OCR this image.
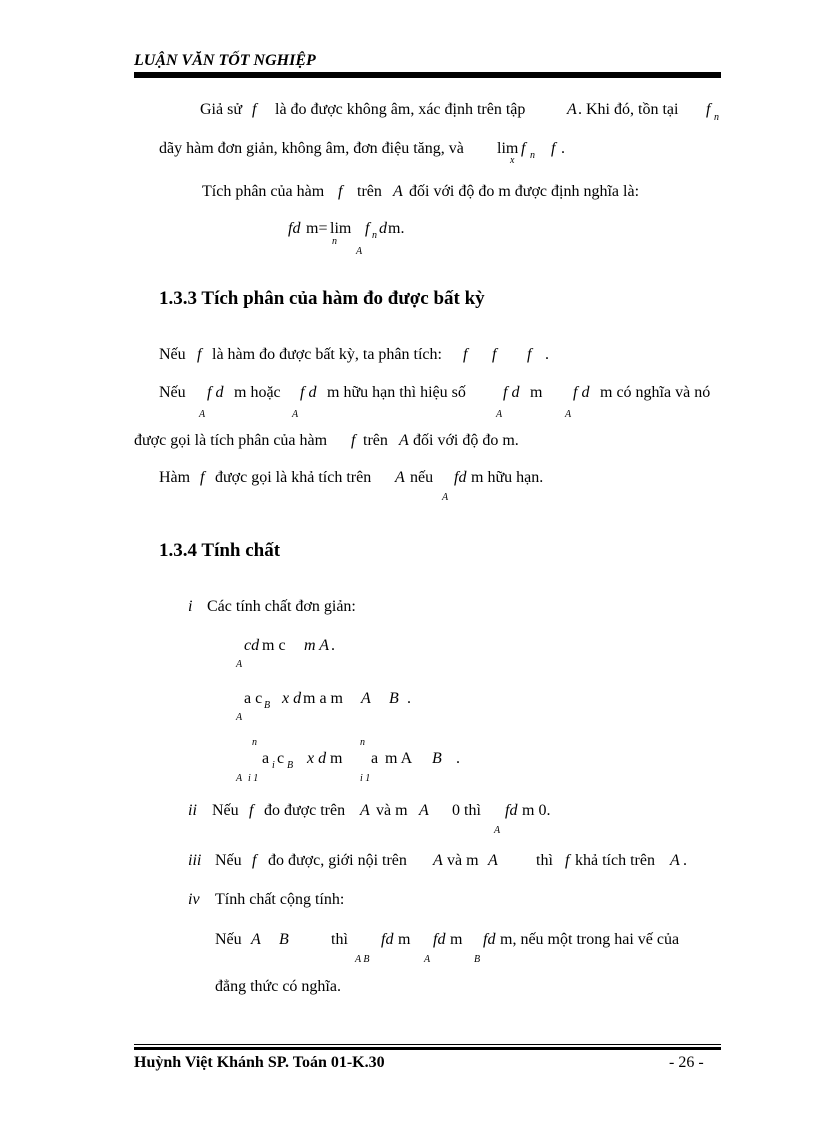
LUẬN VĂN TỐT NGHIỆP
Giả sử f là đo được không âm, xác định trên tập	A . Khi đó, tồn tại f n
dãy hàm đơn giản, không âm, đơn điệu tăng, và lim f n f .
x
Tích phân của hàm f trên A đối với độ đo m được định nghĩa là:
fd m= lim f n d m.
n
A
1.3.3 Tích phân của hàm đo được bất kỳ
Nếu f là hàm đo được bất kỳ, ta phân tích: f f f .
Nếu f d m hoặc f d m hữu hạn thì hiệu số f d m f d m có nghĩa và nó
A	A	A	A
được gọi là tích phân của hàm f trên A đối với độ đo m.
Hàm f được gọi là khả tích trên A nếu fd m hữu hạn.
A
1.3.4 Tính chất
i Các tính chất đơn giản:
cd m c m A .
A
a c B x d m a m A B .
A
n	n
a i c B x d m a m A B .
A i 1	i 1
ii Nếu f đo được trên A và m A 0 thì fd m 0.
A
iii Nếu f đo được, giới nội trên A và m A thì f khả tích trên A .
iv Tính chất cộng tính:
Nếu A B	thì fd m fd m fd m, nếu một trong hai vế của
A B	A	B
đẳng thức có nghĩa.
Huỳnh Việt Khánh SP. Toán 01-K.30	- 26 -
